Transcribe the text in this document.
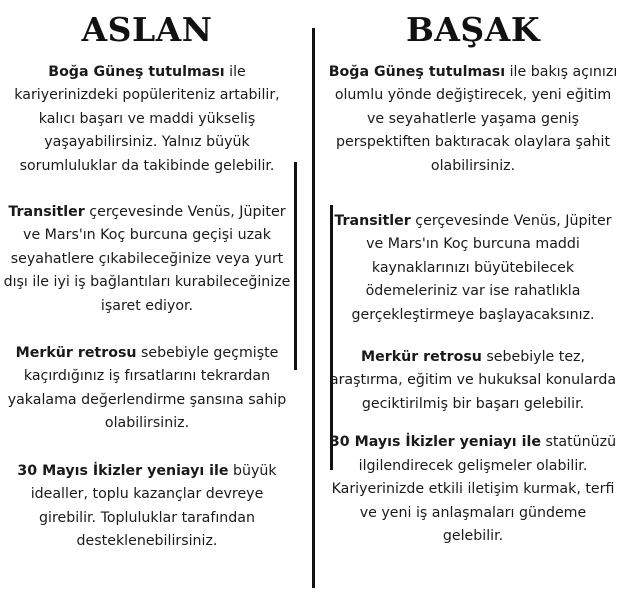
ASLAN

Boğa Güneş tutulması ile kariyerinizdeki popüleriteniz artabilir, kalıcı başarı ve maddi yükseliş yaşayabilirsiniz. Yalnız büyük sorumluluklar da takibinde gelebilir.

Transitler çerçevesinde Venüs, Jüpiter ve Mars'ın Koç burcuna geçişi uzak seyahatlere çıkabileceğinize veya yurt dışı ile iyi iş bağlantıları kurabileceğinize işaret ediyor.

Merkür retrosu sebebiyle geçmişte kaçırdığınız iş fırsatlarını tekrardan yakalama değerlendirme şansına sahip olabilirsiniz.

30 Mayıs İkizler yeniayı ile büyük idealler, toplu kazançlar devreye girebilir. Topluluklar tarafından desteklenebilirsiniz.

BAŞAK

Boğa Güneş tutulması ile bakış açınızı olumlu yönde değiştirecek, yeni eğitim ve seyahatlerle yaşama geniş perspektiften baktıracak olaylara şahit olabilirsiniz.

Transitler çerçevesinde Venüs, Jüpiter ve Mars'ın Koç burcuna maddi kaynaklarınızı büyütebilecek ödemeleriniz var ise rahatlıkla gerçekleştirmeye başlayacaksınız.

Merkür retrosu sebebiyle tez, araştırma, eğitim ve hukuksal konularda geciktirilmiş bir başarı gelebilir.

30 Mayıs İkizler yeniayı ile statünüzü ilgilendirecek gelişmeler olabilir. Kariyerinizde etkili iletişim kurmak, terfi ve yeni iş anlaşmaları gündeme gelebilir.
